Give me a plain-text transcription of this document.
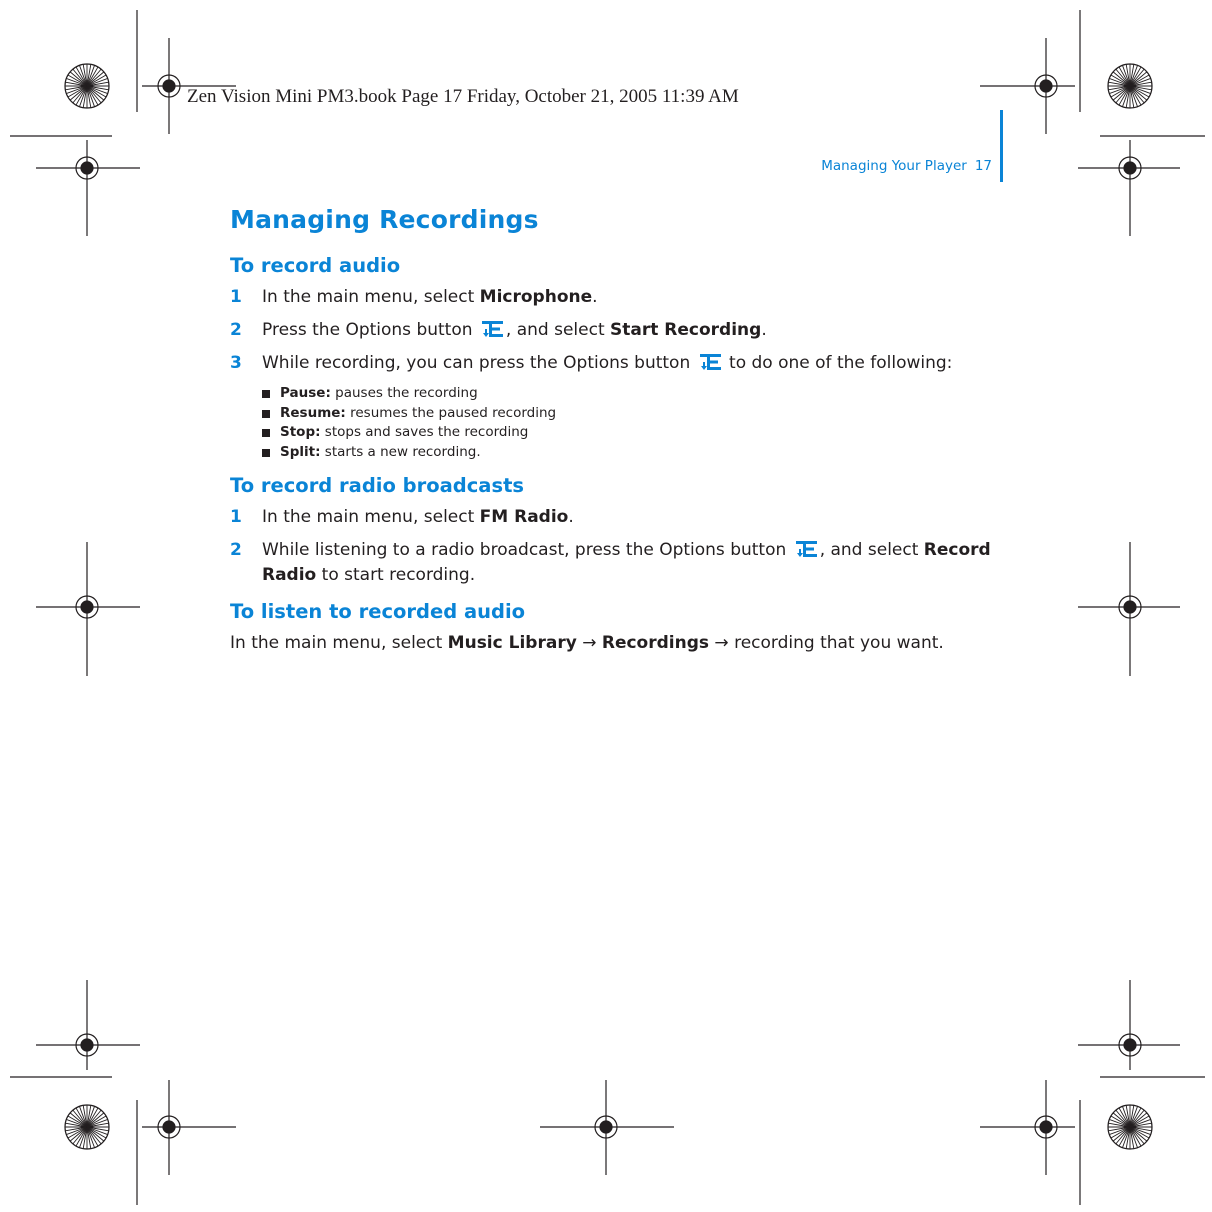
Zen Vision Mini PM3.book Page 17 Friday, October 21, 2005 11:39 AM
Managing Your Player 17
Managing Recordings
To record audio
1 In the main menu, select Microphone.
2 Press the Options button , and select Start Recording.
3 While recording, you can press the Options button  to do one of the following:
Pause: pauses the recording
Resume: resumes the paused recording
Stop: stops and saves the recording
Split: starts a new recording.
To record radio broadcasts
1 In the main menu, select FM Radio.
2 While listening to a radio broadcast, press the Options button , and select Record Radio to start recording.
To listen to recorded audio

In the main menu, select Music Library → Recordings → recording that you want.
